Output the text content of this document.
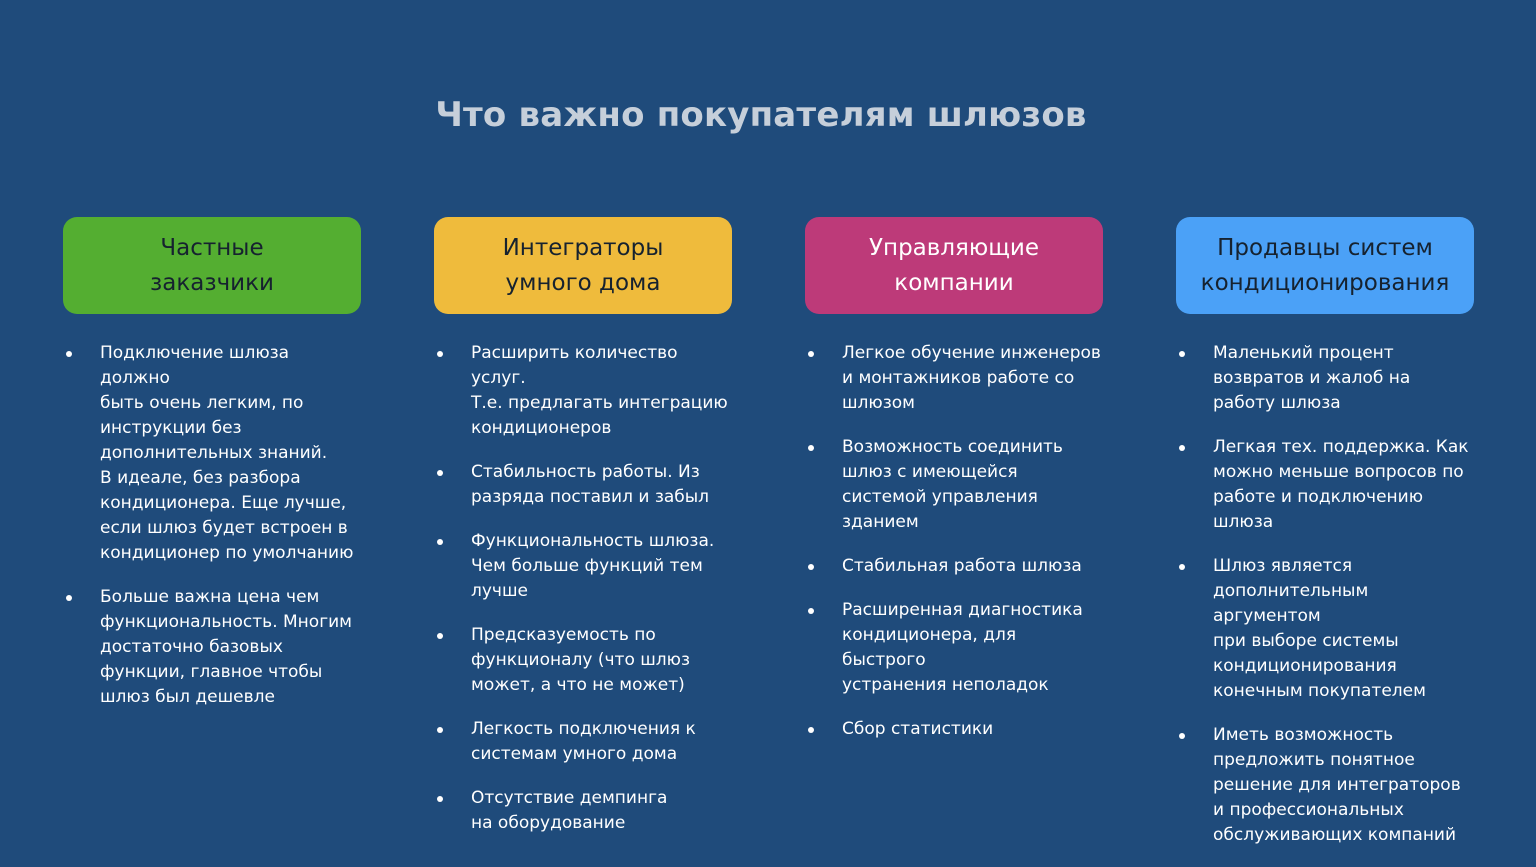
Что важно покупателям шлюзов
Частные
заказчики
Подключение шлюза должно
быть очень легким, по
инструкции без
дополнительных знаний.
В идеале, без разбора
кондиционера. Еще лучше,
если шлюз будет встроен в
кондиционер по умолчанию
Больше важна цена чем
функциональность. Многим
достаточно базовых
функции, главное чтобы
шлюз был дешевле
Интеграторы
умного дома
Расширить количество услуг.
Т.е. предлагать интеграцию
кондиционеров
Стабильность работы. Из
разряда поставил и забыл
Функциональность шлюза.
Чем больше функций тем
лучше
Предсказуемость по
функционалу (что шлюз
может, а что не может)
Легкость подключения к
системам умного дома
Отсутствие демпинга
на оборудование
Управляющие
компании
Легкое обучение инженеров
и монтажников работе со
шлюзом
Возможность соединить
шлюз с имеющейся
системой управления
зданием
Стабильная работа шлюза
Расширенная диагностика
кондиционера, для быстрого
устранения неполадок
Сбор статистики
Продавцы систем
кондиционирования
Маленький процент
возвратов и жалоб на
работу шлюза
Легкая тех. поддержка. Как
можно меньше вопросов по
работе и подключению
шлюза
Шлюз является
дополнительным аргументом
при выборе системы
кондиционирования
конечным покупателем
Иметь возможность
предложить понятное
решение для интеграторов
и профессиональных
обслуживающих компаний
